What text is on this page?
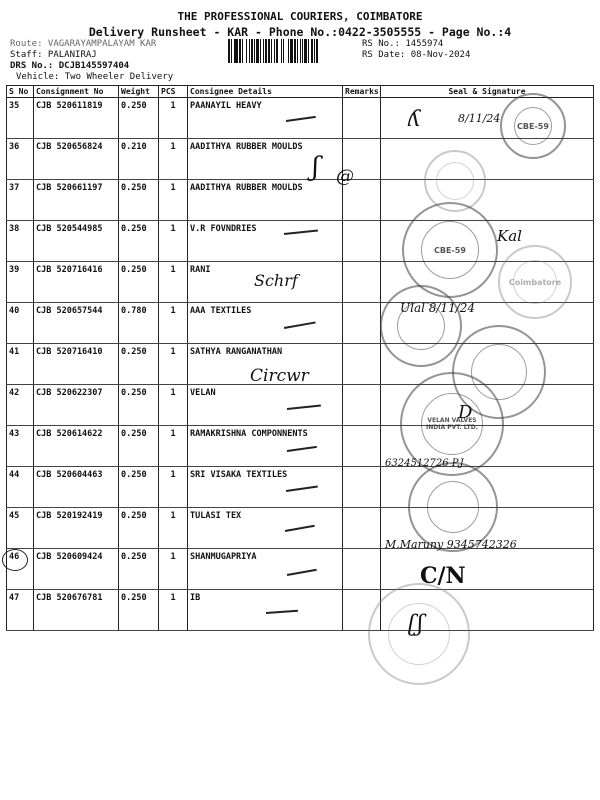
THE PROFESSIONAL COURIERS, COIMBATORE
Delivery Runsheet - KAR - Phone No.:0422-3505555 - Page No.:4
Route: VAGARAYAMPALAYAM KAR
Staff: PALANIRAJ
DRS No.: DCJB145597404
Vehicle: Two Wheeler Delivery
RS No.: 1455974
RS Date: 08-Nov-2024
S No	Consignment No	Weight	PCS	Consignee Details	Remarks	Seal & Signature
35	CJB 520611819	0.250	1	PAANAYIL HEAVY		
36	CJB 520656824	0.210	1	AADITHYA RUBBER MOULDS		
37	CJB 520661197	0.250	1	AADITHYA RUBBER MOULDS		
38	CJB 520544985	0.250	1	V.R FOVNDRIES		
39	CJB 520716416	0.250	1	RANI		
40	CJB 520657544	0.780	1	AAA TEXTILES		
41	CJB 520716410	0.250	1	SATHYA RANGANATHAN		
42	CJB 520622307	0.250	1	VELAN		
43	CJB 520614622	0.250	1	RAMAKRISHNA COMPONNENTS		
44	CJB 520604463	0.250	1	SRI VISAKA TEXTILES		
45	CJB 520192419	0.250	1	TULASI TEX		
46	CJB 520609424	0.250	1	SHANMUGAPRIYA		
47	CJB 520676781	0.250	1	IB		
CBE-59
CBE-59
Coimbatore
VELAN VALVES INDIA PVT. LTD.
ʎ	8/11/24
ʃ @
Kal
Schrf
Ulal 8/11/24
Circwr
D
6324512726 P.J
M.Maruny 9345742326
C/N
ʗʃ
